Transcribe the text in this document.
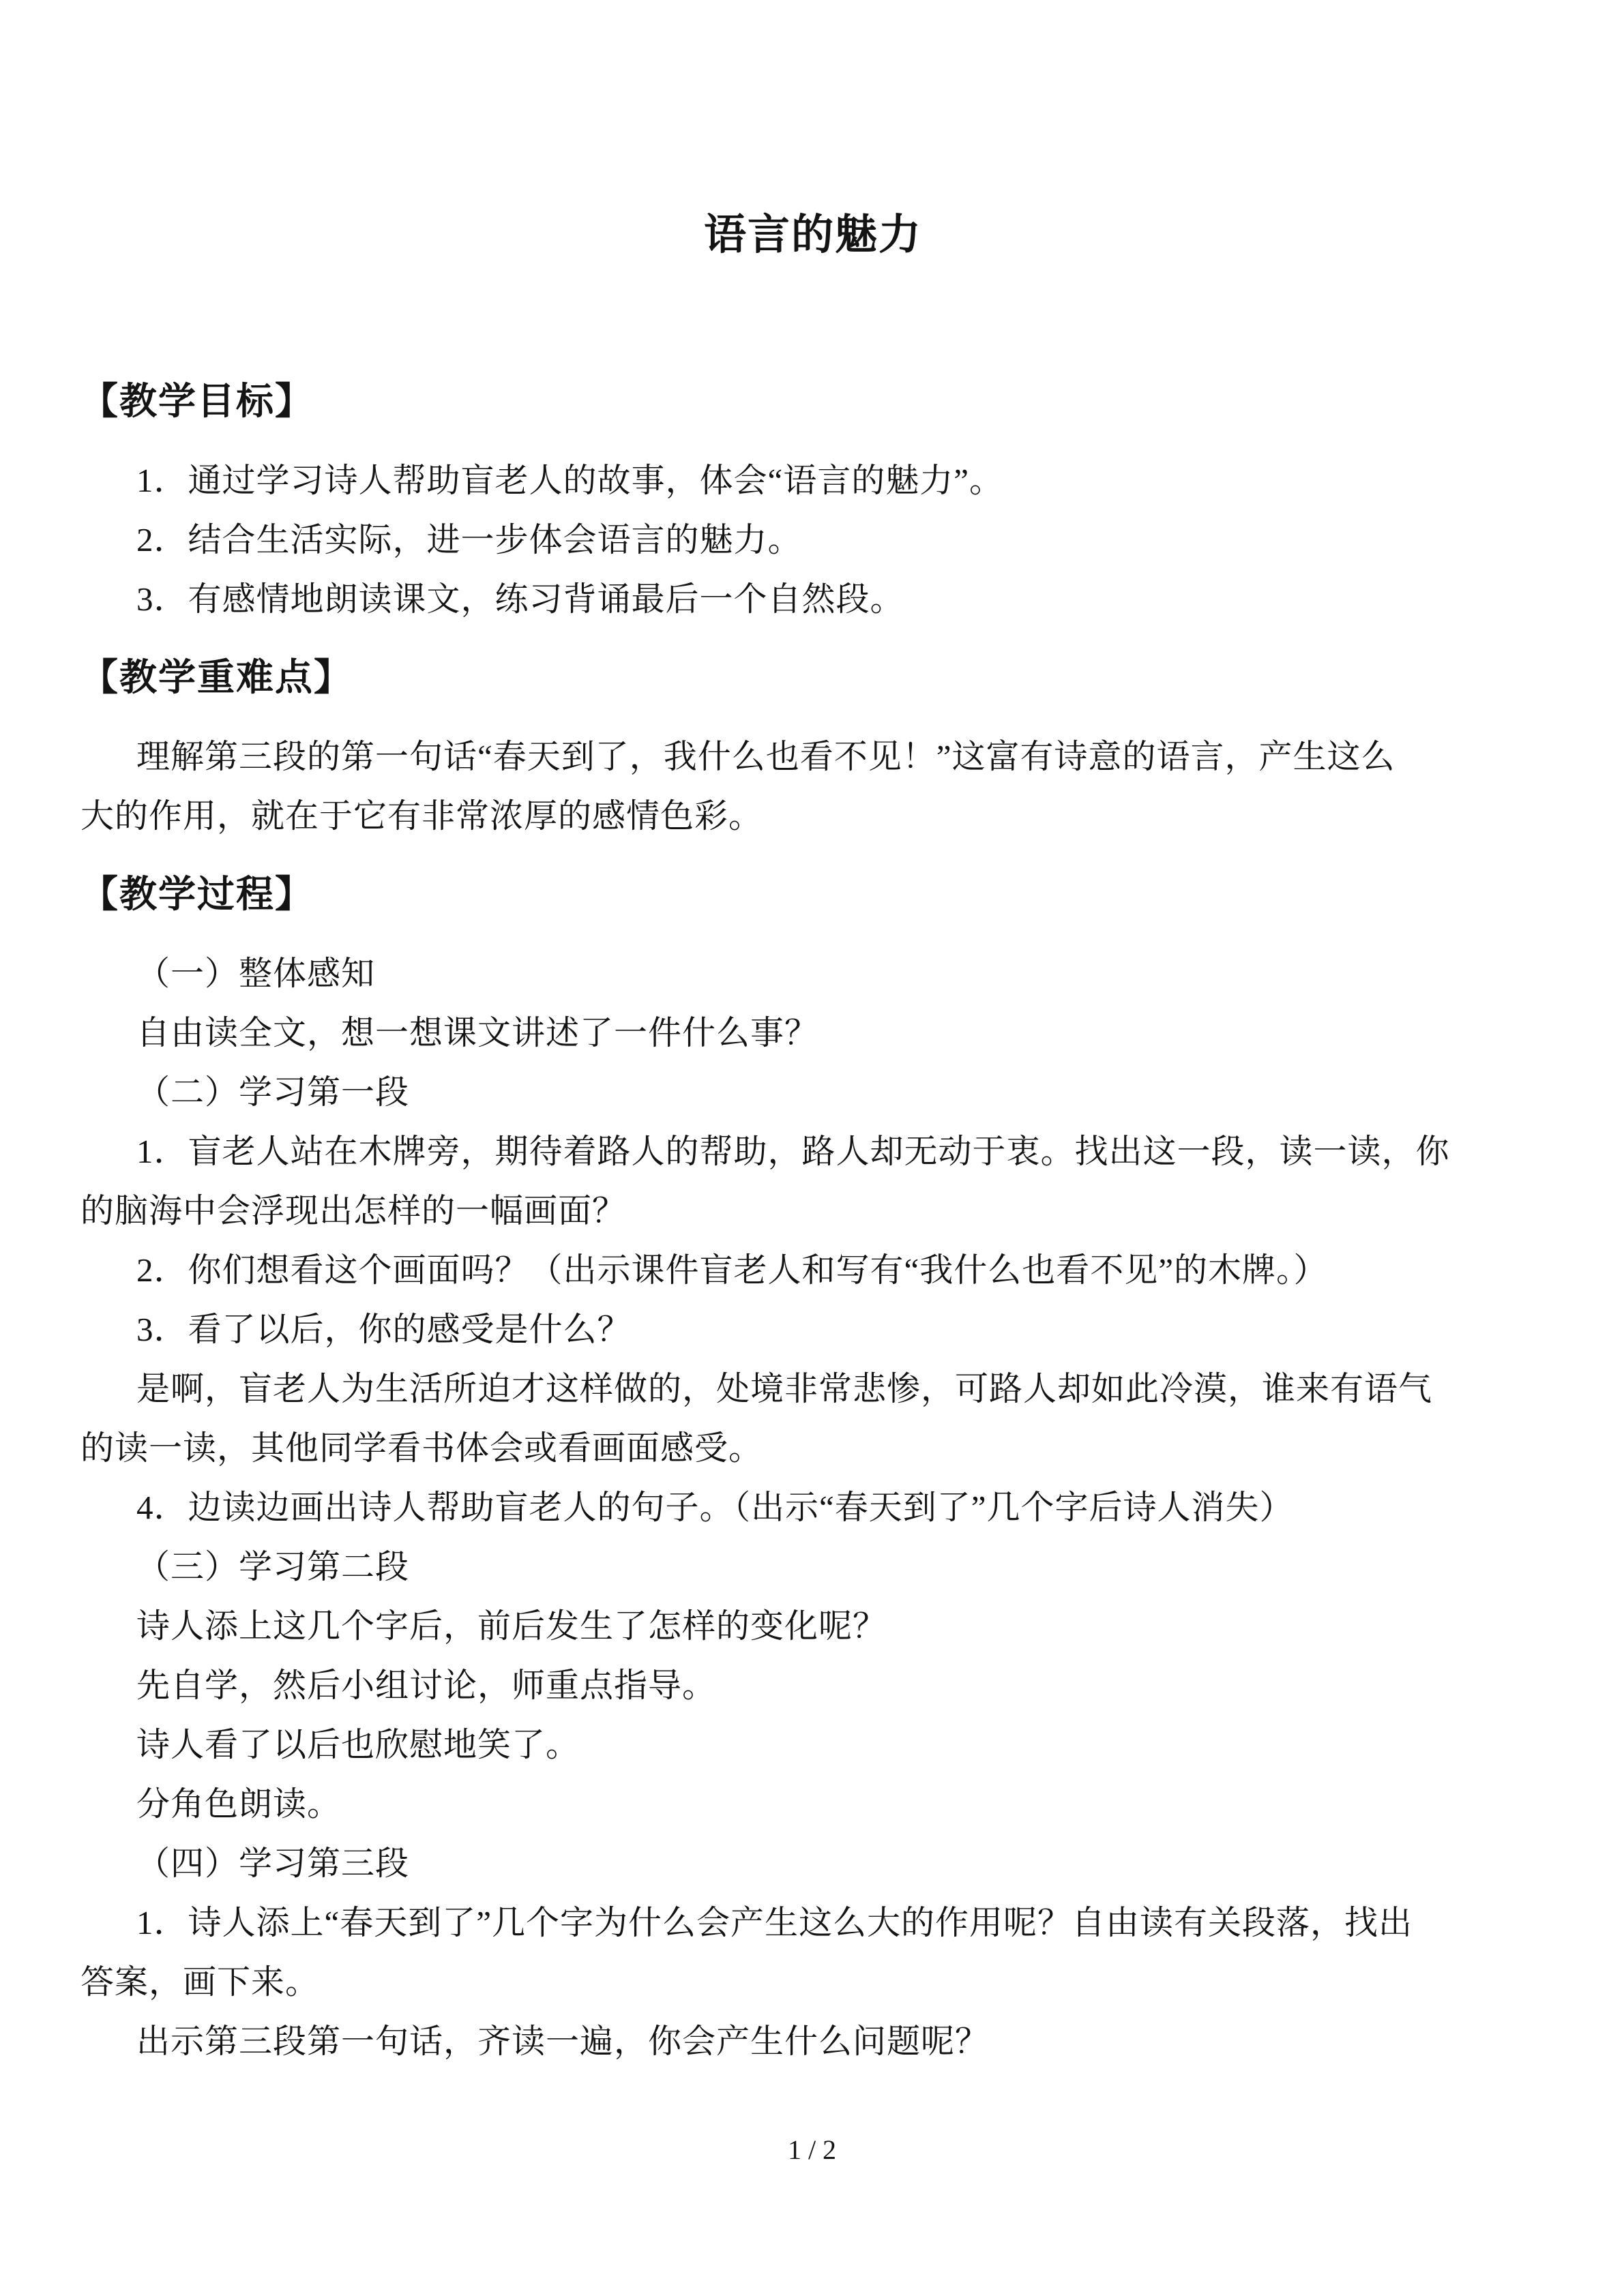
语言的魅力
【教学目标】
1．通过学习诗人帮助盲老人的故事，体会“语言的魅力”。
2．结合生活实际，进一步体会语言的魅力。
3．有感情地朗读课文，练习背诵最后一个自然段。
【教学重难点】
理解第三段的第一句话“春天到了，我什么也看不见！”这富有诗意的语言，产生这么
大的作用，就在于它有非常浓厚的感情色彩。
【教学过程】
（一）整体感知
自由读全文，想一想课文讲述了一件什么事？
（二）学习第一段
1．盲老人站在木牌旁，期待着路人的帮助，路人却无动于衷。找出这一段，读一读，你
的脑海中会浮现出怎样的一幅画面？
2．你们想看这个画面吗？（出示课件盲老人和写有“我什么也看不见”的木牌。）
3．看了以后，你的感受是什么？
是啊，盲老人为生活所迫才这样做的，处境非常悲惨，可路人却如此冷漠，谁来有语气
的读一读，其他同学看书体会或看画面感受。
4．边读边画出诗人帮助盲老人的句子。（出示“春天到了”几个字后诗人消失）
（三）学习第二段
诗人添上这几个字后，前后发生了怎样的变化呢？
先自学，然后小组讨论，师重点指导。
诗人看了以后也欣慰地笑了。
分角色朗读。
（四）学习第三段
1．诗人添上“春天到了”几个字为什么会产生这么大的作用呢？自由读有关段落，找出
答案，画下来。
出示第三段第一句话，齐读一遍，你会产生什么问题呢？
1 / 2
